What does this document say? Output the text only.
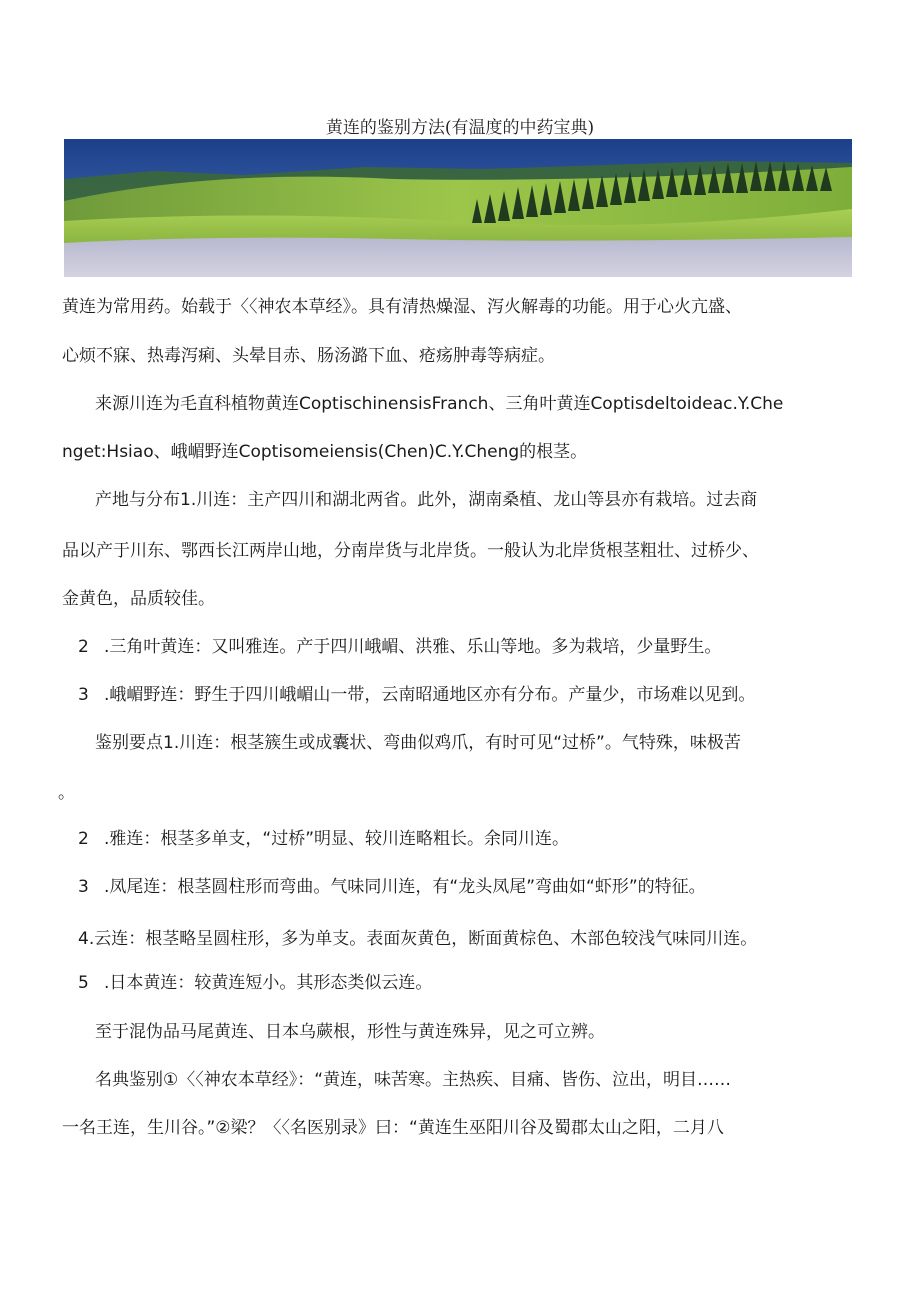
黄连的鉴别方法(有温度的中药宝典)
黄连为常用药。始载于〈〈神农本草经》。具有清热燥湿、泻火解毒的功能。用于心火亢盛、
心烦不寐、热毒泻痢、头晕目赤、肠汤潞下血、疮疡肿毒等病症。
来源川连为毛直科植物黄连CoptischinensisFranch、三角叶黄连Coptisdeltoideac.Y.Che
nget:Hsiao、峨嵋野连Coptisomeiensis(Chen)C.Y.Cheng的根茎。
产地与分布1.川连：主产四川和湖北两省。此外，湖南桑植、龙山等县亦有栽培。过去商
品以产于川东、鄂西长江两岸山地，分南岸货与北岸货。一般认为北岸货根茎粗壮、过桥少、
金黄色，品质较佳。
2 .三角叶黄连：又叫雅连。产于四川峨嵋、洪雅、乐山等地。多为栽培，少量野生。
3 .峨嵋野连：野生于四川峨嵋山一带，云南昭通地区亦有分布。产量少，市场难以见到。
鉴别要点1.川连：根茎簇生或成囊状、弯曲似鸡爪，有时可见“过桥”。气特殊，味极苦
。
2 .雅连：根茎多单支，“过桥”明显、较川连略粗长。余同川连。
3 .凤尾连：根茎圆柱形而弯曲。气味同川连，有“龙头凤尾”弯曲如“虾形”的特征。
4.云连：根茎略呈圆柱形，多为单支。表面灰黄色，断面黄棕色、木部色较浅气味同川连。
5 .日本黄连：较黄连短小。其形态类似云连。
至于混伪品马尾黄连、日本乌蕨根，形性与黄连殊异，见之可立辨。
名典鉴别①〈〈神农本草经》：“黄连，味苦寒。主热疾、目痛、皆伤、泣出，明目……
一名王连，生川谷。”②梁？〈〈名医别录》曰：“黄连生巫阳川谷及蜀郡太山之阳，二月八
